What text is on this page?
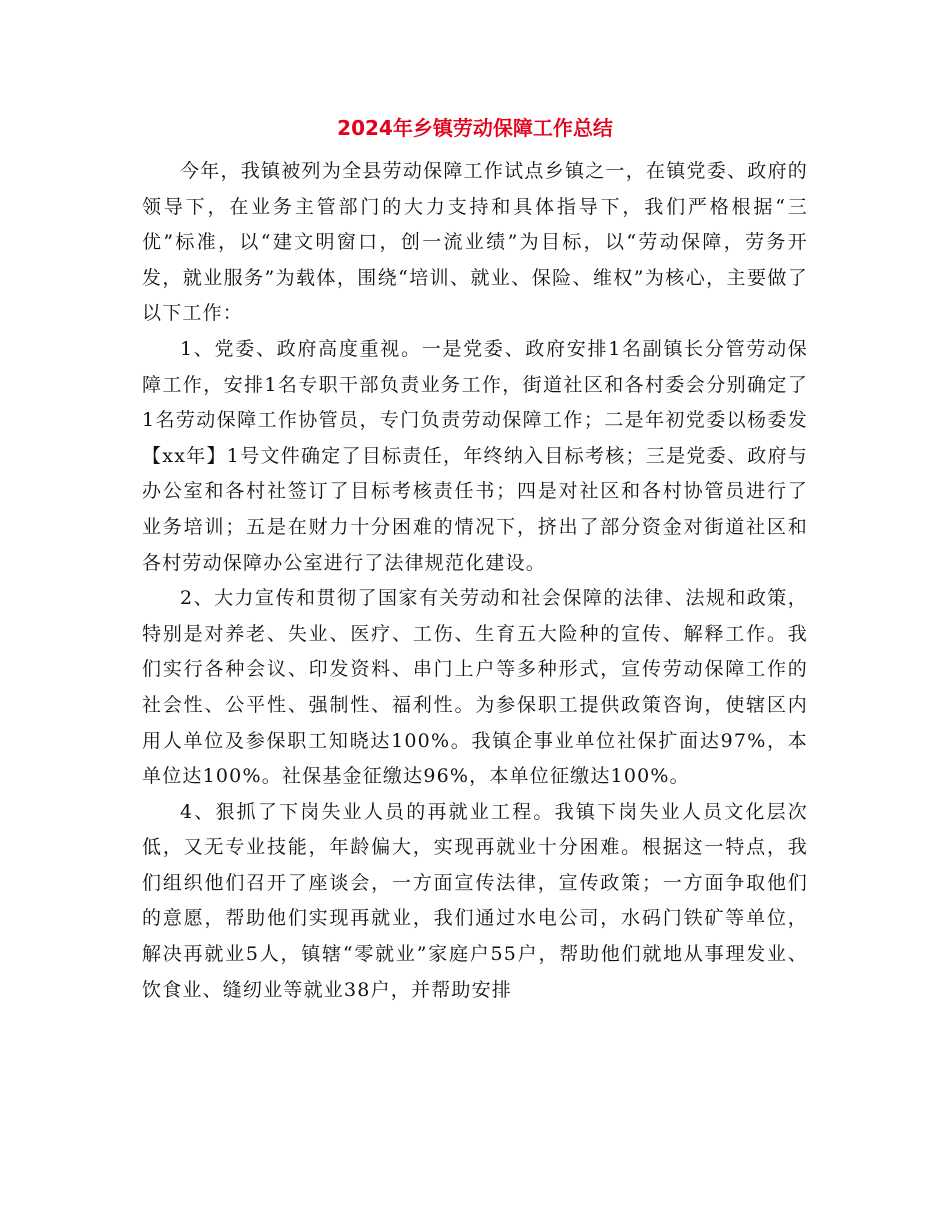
2024年乡镇劳动保障工作总结

今年，我镇被列为全县劳动保障工作试点乡镇之一，在镇党委、政府的领导下，在业务主管部门的大力支持和具体指导下，我们严格根据“三优”标准，以“建文明窗口，创一流业绩”为目标，以“劳动保障，劳务开发，就业服务”为载体，围绕“培训、就业、保险、维权”为核心，主要做了以下工作：

1、党委、政府高度重视。一是党委、政府安排1名副镇长分管劳动保障工作，安排1名专职干部负责业务工作，街道社区和各村委会分别确定了1名劳动保障工作协管员，专门负责劳动保障工作；二是年初党委以杨委发【xx年】1号文件确定了目标责任，年终纳入目标考核；三是党委、政府与办公室和各村社签订了目标考核责任书；四是对社区和各村协管员进行了业务培训；五是在财力十分困难的情况下，挤出了部分资金对街道社区和各村劳动保障办公室进行了法律规范化建设。

2、大力宣传和贯彻了国家有关劳动和社会保障的法律、法规和政策，特别是对养老、失业、医疗、工伤、生育五大险种的宣传、解释工作。我们实行各种会议、印发资料、串门上户等多种形式，宣传劳动保障工作的社会性、公平性、强制性、福利性。为参保职工提供政策咨询，使辖区内用人单位及参保职工知晓达100%。我镇企事业单位社保扩面达97%，本单位达100%。社保基金征缴达96%，本单位征缴达100%。

4、狠抓了下岗失业人员的再就业工程。我镇下岗失业人员文化层次低，又无专业技能，年龄偏大，实现再就业十分困难。根据这一特点，我们组织他们召开了座谈会，一方面宣传法律，宣传政策；一方面争取他们的意愿，帮助他们实现再就业，我们通过水电公司，水码门铁矿等单位，解决再就业5人，镇辖“零就业”家庭户55户，帮助他们就地从事理发业、饮食业、缝纫业等就业38户，并帮助安排
